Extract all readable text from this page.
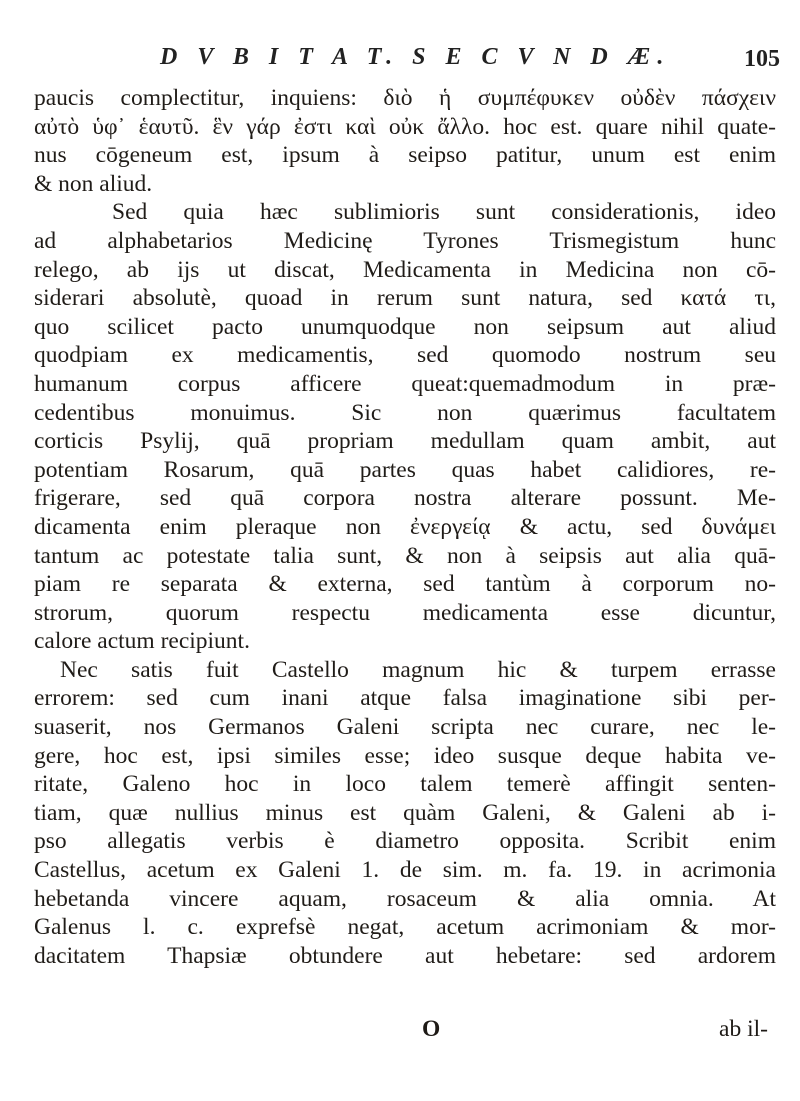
D V B I T A T. S E C V N D Æ.	105
paucis complectitur, inquiens: διὸ ἡ συμπέφυκεν οὐδὲν πάσχειν
αὐτὸ ὑφ᾽ ἑαυτῦ. ἓν γάρ ἐστι καὶ οὐκ ἄλλο. hoc est. quare nihil quate-
nus cōgeneum est, ipsum à seipso patitur, unum est enim
& non aliud.
Sed quia hæc sublimioris sunt considerationis, ideo
ad alphabetarios Medicinę Tyrones Trismegistum hunc
relego, ab ijs ut discat, Medicamenta in Medicina non cō-
siderari absolutè, quoad in rerum sunt natura, sed κατά τι,
quo scilicet pacto unumquodque non seipsum aut aliud
quodpiam ex medicamentis, sed quomodo nostrum seu
humanum corpus afficere queat:quemadmodum in præ-
cedentibus monuimus. Sic non quærimus facultatem
corticis Psylij, quā propriam medullam quam ambit, aut
potentiam Rosarum, quā partes quas habet calidiores, re-
frigerare, sed quā corpora nostra alterare possunt. Me-
dicamenta enim pleraque non ἐνεργείᾳ & actu, sed δυνάμει
tantum ac potestate talia sunt, & non à seipsis aut alia quā-
piam re separata & externa, sed tantùm à corporum no-
strorum, quorum respectu medicamenta esse dicuntur,
calore actum recipiunt.
Nec satis fuit Castello magnum hic & turpem errasse
errorem: sed cum inani atque falsa imaginatione sibi per-
suaserit, nos Germanos Galeni scripta nec curare, nec le-
gere, hoc est, ipsi similes esse; ideo susque deque habita ve-
ritate, Galeno hoc in loco talem temerè affingit senten-
tiam, quæ nullius minus est quàm Galeni, & Galeni ab i-
pso allegatis verbis è diametro opposita. Scribit enim
Castellus, acetum ex Galeni 1. de sim. m. fa. 19. in acrimonia
hebetanda vincere aquam, rosaceum & alia omnia. At
Galenus l. c. exprefsè negat, acetum acrimoniam & mor-
dacitatem Thapsiæ obtundere aut hebetare: sed ardorem
O	ab il-
